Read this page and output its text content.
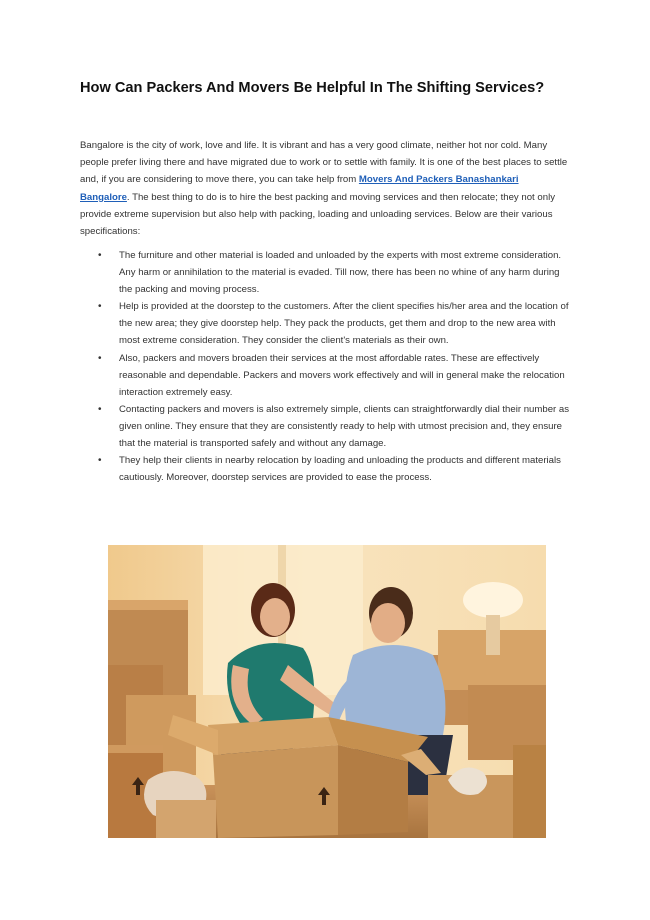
How Can Packers And Movers Be Helpful In The Shifting Services?

Bangalore is the city of work, love and life. It is vibrant and has a very good climate, neither hot nor cold. Many people prefer living there and have migrated due to work or to settle with family. It is one of the best places to settle and, if you are considering to move there, you can take help from Movers And Packers Banashankari Bangalore. The best thing to do is to hire the best packing and moving services and then relocate; they not only provide extreme supervision but also help with packing, loading and unloading services. Below are their various specifications:

• The furniture and other material is loaded and unloaded by the experts with most extreme consideration. Any harm or annihilation to the material is evaded. Till now, there has been no whine of any harm during the packing and moving process.
• Help is provided at the doorstep to the customers. After the client specifies his/her area and the location of the new area; they give doorstep help. They pack the products, get them and drop to the new area with most extreme consideration. They consider the client's materials as their own.
• Also, packers and movers broaden their services at the most affordable rates. These are effectively reasonable and dependable. Packers and movers work effectively and will in general make the relocation interaction extremely easy.
• Contacting packers and movers is also extremely simple, clients can straightforwardly dial their number as given online. They ensure that they are consistently ready to help with utmost precision and, they ensure that the material is transported safely and without any damage.
• They help their clients in nearby relocation by loading and unloading the products and different materials cautiously. Moreover, doorstep services are provided to ease the process.
